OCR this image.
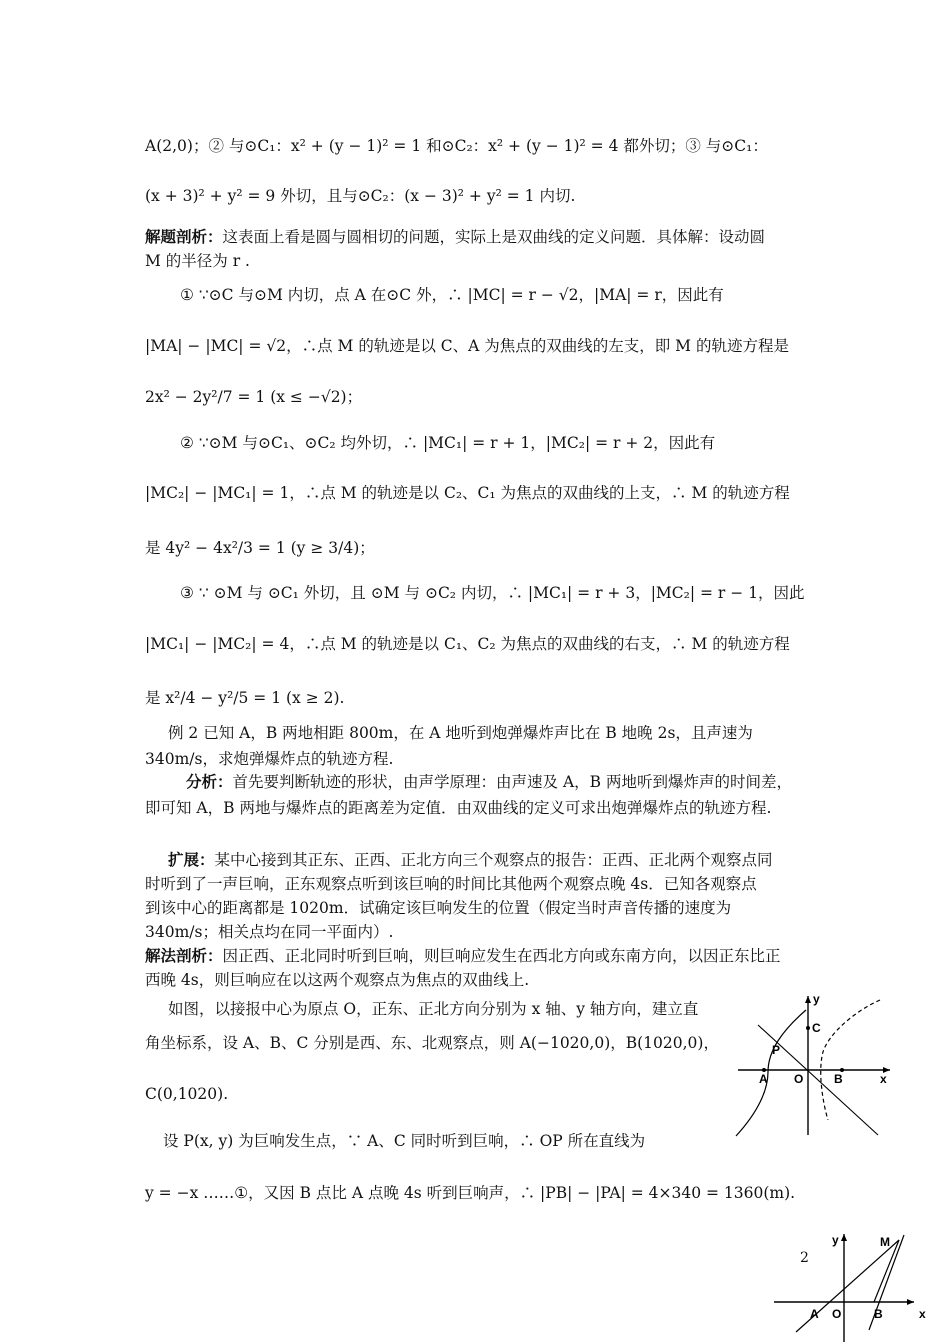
A(2,0)；② 与⊙C₁：x² + (y − 1)² = 1 和⊙C₂：x² + (y − 1)² = 4 都外切；③ 与⊙C₁：
(x + 3)² + y² = 9 外切，且与⊙C₂：(x − 3)² + y² = 1 内切.
解题剖析：这表面上看是圆与圆相切的问题，实际上是双曲线的定义问题．具体解：设动圆
M 的半径为 r .
① ∵⊙C 与⊙M 内切，点 A 在⊙C 外，∴ |MC| = r − √2，|MA| = r，因此有
|MA| − |MC| = √2，∴点 M 的轨迹是以 C、A 为焦点的双曲线的左支，即 M 的轨迹方程是
2x² − 2y²/7 = 1 (x ≤ −√2)；
② ∵⊙M 与⊙C₁、⊙C₂ 均外切，∴ |MC₁| = r + 1，|MC₂| = r + 2，因此有
|MC₂| − |MC₁| = 1，∴点 M 的轨迹是以 C₂、C₁ 为焦点的双曲线的上支，∴ M 的轨迹方程
是 4y² − 4x²/3 = 1 (y ≥ 3/4)；
③ ∵ ⊙M 与 ⊙C₁ 外切，且 ⊙M 与 ⊙C₂ 内切，∴ |MC₁| = r + 3，|MC₂| = r − 1，因此
|MC₁| − |MC₂| = 4，∴点 M 的轨迹是以 C₁、C₂ 为焦点的双曲线的右支，∴ M 的轨迹方程
是 x²/4 − y²/5 = 1 (x ≥ 2).
例 2 已知 A，B 两地相距 800m，在 A 地听到炮弹爆炸声比在 B 地晚 2s，且声速为
340m/s，求炮弹爆炸点的轨迹方程.
分析：首先要判断轨迹的形状，由声学原理：由声速及 A，B 两地听到爆炸声的时间差，
即可知 A，B 两地与爆炸点的距离差为定值．由双曲线的定义可求出炮弹爆炸点的轨迹方程.
扩展：某中心接到其正东、正西、正北方向三个观察点的报告：正西、正北两个观察点同
时听到了一声巨响，正东观察点听到该巨响的时间比其他两个观察点晚 4s．已知各观察点
到该中心的距离都是 1020m．试确定该巨响发生的位置（假定当时声音传播的速度为
340m/s；相关点均在同一平面内）.
解法剖析：因正西、正北同时听到巨响，则巨响应发生在西北方向或东南方向，以因正东比正
西晚 4s，则巨响应在以这两个观察点为焦点的双曲线上.
如图，以接报中心为原点 O，正东、正北方向分别为 x 轴、y 轴方向，建立直
角坐标系，设 A、B、C 分别是西、东、北观察点，则 A(−1020,0)，B(1020,0)，
C(0,1020).
设 P(x, y) 为巨响发生点，∵ A、C 同时听到巨响，∴ OP 所在直线为
y = −x ……①，又因 B 点比 A 点晚 4s 听到巨响声，∴ |PB| − |PA| = 4×340 = 1360(m).
y
C
P
A O	B	x
2
y	M
A O	B	x
